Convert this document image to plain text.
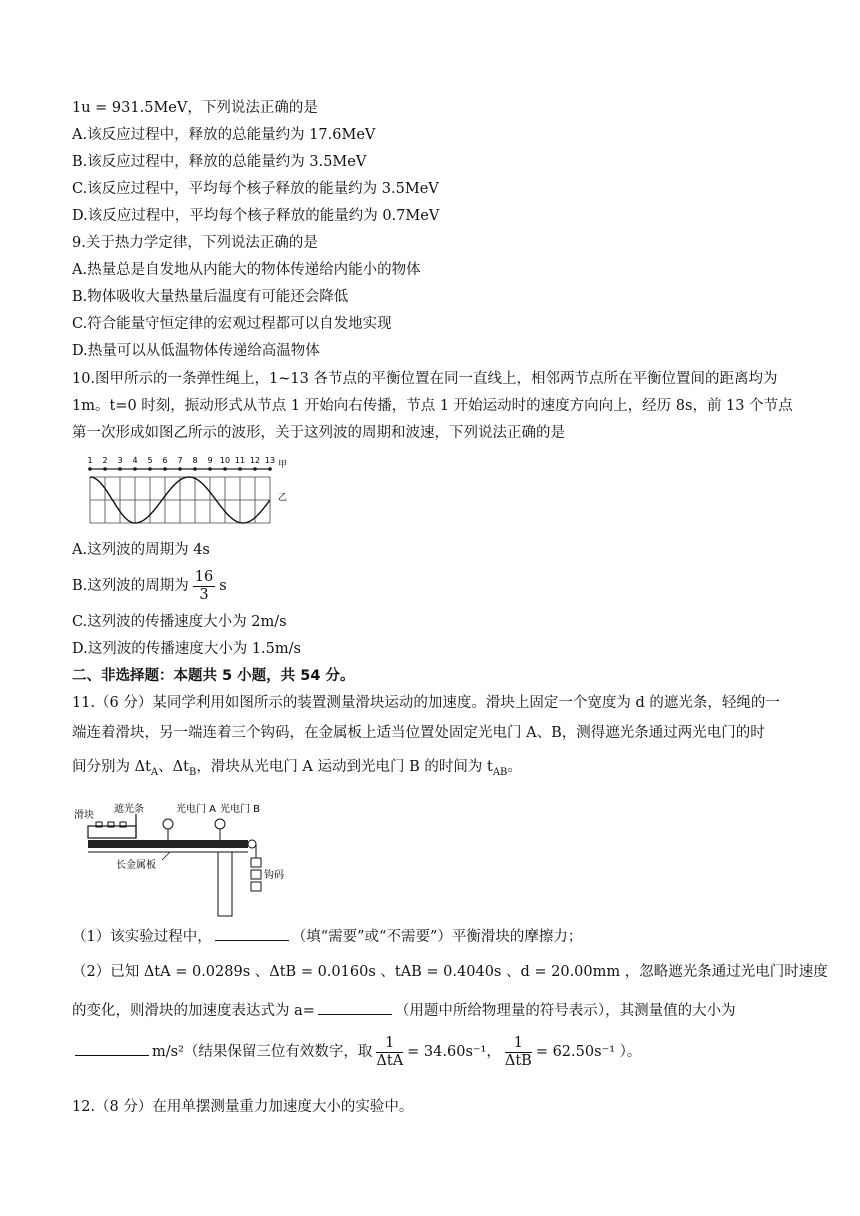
1u = 931.5MeV，下列说法正确的是
A.该反应过程中，释放的总能量约为 17.6MeV
B.该反应过程中，释放的总能量约为 3.5MeV
C.该反应过程中，平均每个核子释放的能量约为 3.5MeV
D.该反应过程中，平均每个核子释放的能量约为 0.7MeV
9.关于热力学定律，下列说法正确的是
A.热量总是自发地从内能大的物体传递给内能小的物体
B.物体吸收大量热量后温度有可能还会降低
C.符合能量守恒定律的宏观过程都可以自发地实现
D.热量可以从低温物体传递给高温物体
10.图甲所示的一条弹性绳上，1~13 各节点的平衡位置在同一直线上，相邻两节点所在平衡位置间的距离均为
1m。t=0 时刻，振动形式从节点 1 开始向右传播，节点 1 开始运动时的速度方向向上，经历 8s，前 13 个节点
第一次形成如图乙所示的波形，关于这列波的周期和波速，下列说法正确的是
1 2 3 4 5 6 7 8 9 10 11 12 13 甲
乙
A.这列波的周期为 4s
B.这列波的周期为 $\frac{16}{3}$ s
C.这列波的传播速度大小为 2m/s
D.这列波的传播速度大小为 1.5m/s
二、非选择题：本题共 5 小题，共 54 分。
11.（6 分）某同学利用如图所示的装置测量滑块运动的加速度。滑块上固定一个宽度为 d 的遮光条，轻绳的一
端连着滑块，另一端连着三个钩码，在金属板上适当位置处固定光电门 A、B，测得遮光条通过两光电门的时
间分别为 $\Delta t_A$、$\Delta t_B$，滑块从光电门 A 运动到光电门 B 的时间为 $t_{AB}$。
滑块
遮光条	光电门 A 光电门 B
钩码
长金属板
（1）该实验过程中，	（填“需要”或“不需要”）平衡滑块的摩擦力；
（2）已知 ΔtA = 0.0289s 、ΔtB = 0.0160s 、tAB = 0.4040s 、d = 20.00mm ，忽略遮光条通过光电门时速度
的变化，则滑块的加速度表达式为 a=	（用题中所给物理量的符号表示），其测量值的大小为
m/s²（结果保留三位有效数字，取 $\frac{1}{\text{ΔtA}} = 34.60s^{-1}$， $\frac{1}{\text{ΔtB}} = 62.50s^{-1}$ ）。
12.（8 分）在用单摆测量重力加速度大小的实验中。
